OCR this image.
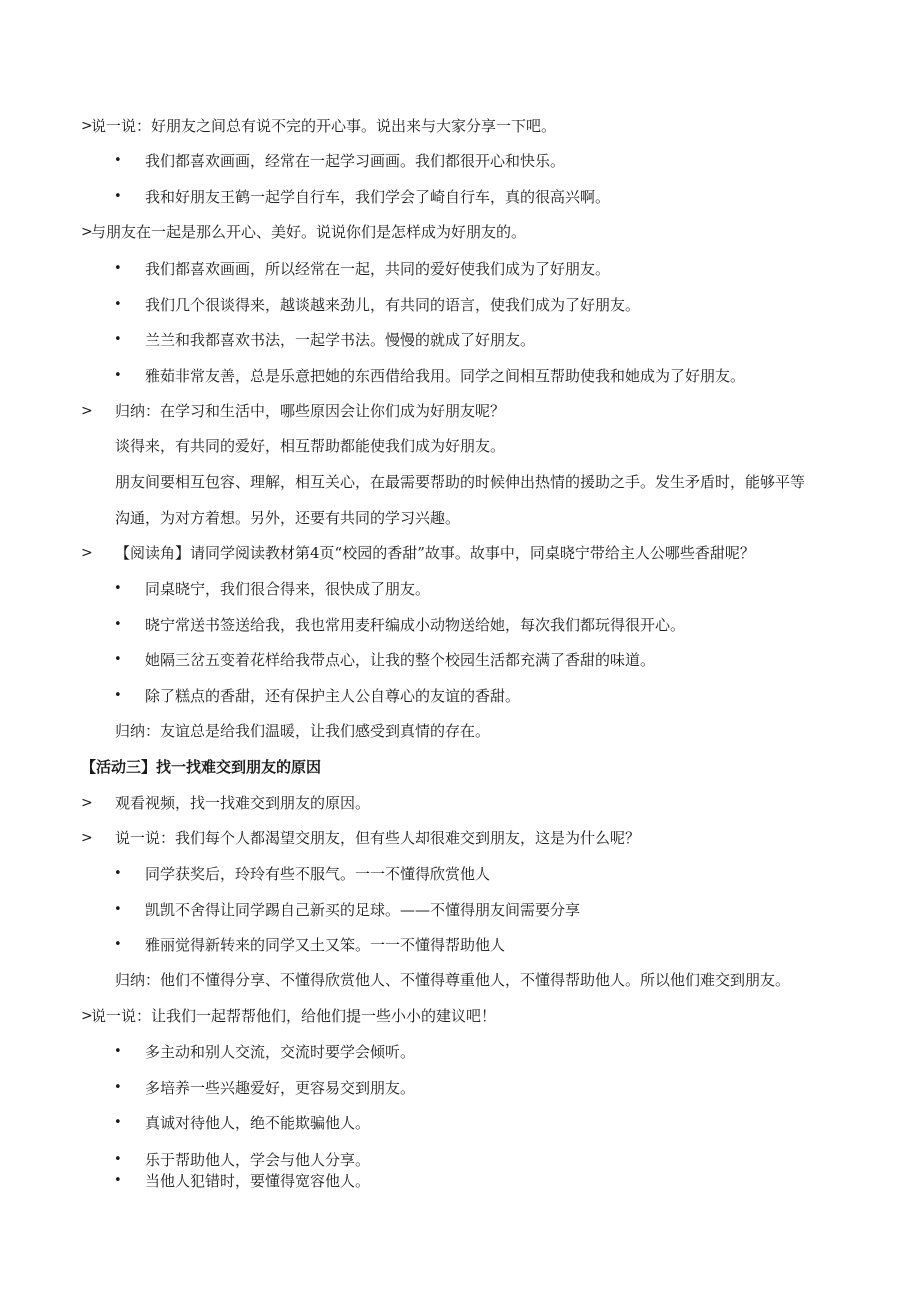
>
说一说：好朋友之间总有说不完的开心事。说出来与大家分享一下吧。
• 我们都喜欢画画，经常在一起学习画画。我们都很开心和快乐。
• 我和好朋友王鹤一起学自行车，我们学会了崎自行车，真的很高兴啊。
>
与朋友在一起是那么开心、美好。说说你们是怎样成为好朋友的。
• 我们都喜欢画画，所以经常在一起，共同的爱好使我们成为了好朋友。
• 我们几个很谈得来，越谈越来劲儿，有共同的语言，使我们成为了好朋友。
• 兰兰和我都喜欢书法，一起学书法。慢慢的就成了好朋友。
• 雅茹非常友善，总是乐意把她的东西借给我用。同学之间相互帮助使我和她成为了好朋友。
> 归纳：在学习和生活中，哪些原因会让你们成为好朋友呢？
谈得来，有共同的爱好，相互帮助都能使我们成为好朋友。
朋友间要相互包容、理解，相互关心，在最需要帮助的时候伸出热情的援助之手。发生矛盾时，能够平等
沟通，为对方着想。另外，还要有共同的学习兴趣。
> 【阅读角】请同学阅读教材第4页“校园的香甜”故事。故事中，同桌晓宁带给主人公哪些香甜呢？
• 同桌晓宁，我们很合得来，很快成了朋友。
• 晓宁常送书签送给我，我也常用麦秆编成小动物送给她，每次我们都玩得很开心。
• 她隔三岔五变着花样给我带点心，让我的整个校园生活都充满了香甜的味道。
• 除了糕点的香甜，还有保护主人公自尊心的友谊的香甜。
归纳：友谊总是给我们温暖，让我们感受到真情的存在。
【活动三】找一找难交到朋友的原因
> 观看视频，找一找难交到朋友的原因。
> 说一说：我们每个人都渴望交朋友，但有些人却很难交到朋友，这是为什么呢？
• 同学获奖后，玲玲有些不服气。一一不懂得欣赏他人
• 凯凯不舍得让同学踢自己新买的足球。——不懂得朋友间需要分享
• 雅丽觉得新转来的同学又土又笨。一一不懂得帮助他人
归纳：他们不懂得分享、不懂得欣赏他人、不懂得尊重他人，不懂得帮助他人。所以他们难交到朋友。
>
说一说：让我们一起帮帮他们，给他们提一些小小的建议吧！
• 多主动和别人交流，交流时要学会倾听。
• 多培养一些兴趣爱好，更容易交到朋友。
• 真诚对待他人，绝不能欺骗他人。
• 乐于帮助他人，学会与他人分享。
• 当他人犯错时，要懂得宽容他人。
